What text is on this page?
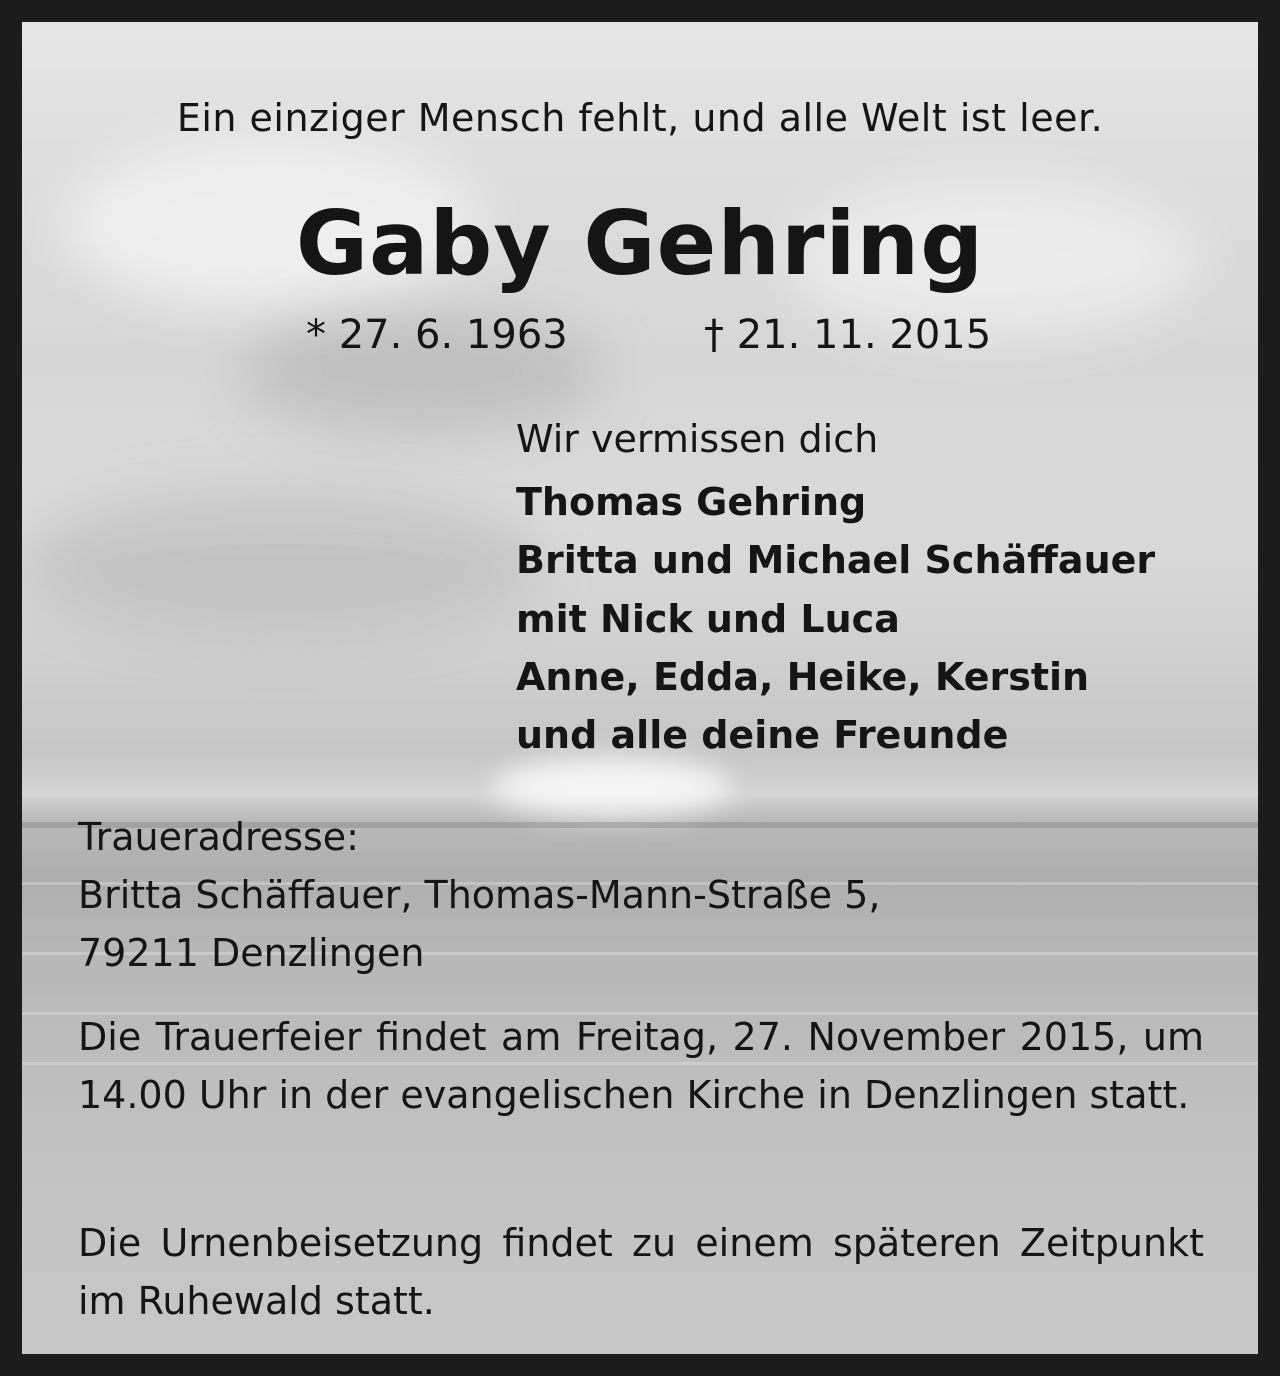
Ein einziger Mensch fehlt, und alle Welt ist leer.

Gaby Gehring

* 27. 6. 1963	† 21. 11. 2015

Wir vermissen dich

Thomas Gehring

Britta und Michael Schäffauer

mit Nick und Luca

Anne, Edda, Heike, Kerstin

und alle deine Freunde

Traueradresse:

Britta Schäffauer, Thomas-Mann-Straße 5,

79211 Denzlingen

Die Trauerfeier findet am Freitag, 27. November 2015, um 14.00 Uhr in der evangelischen Kirche in Denzlingen statt.

Die Urnenbeisetzung findet zu einem späteren Zeitpunkt im Ruhewald statt.
